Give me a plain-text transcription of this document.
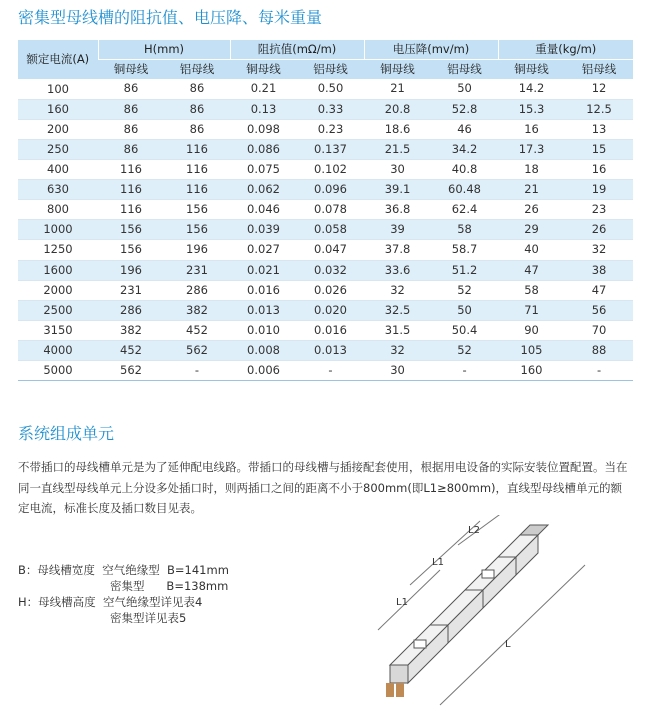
密集型母线槽的阻抗值、电压降、每米重量
额定电流(A)	H(mm)		阻抗值(mΩ/m)		电压降(mv/m)		重量(kg/m)	
	铜母线	铝母线	铜母线	铝母线	铜母线	铝母线	铜母线	铝母线
100	86	86	0.21	0.50	21	50	14.2	12
160	86	86	0.13	0.33	20.8	52.8	15.3	12.5
200	86	86	0.098	0.23	18.6	46	16	13
250	86	116	0.086	0.137	21.5	34.2	17.3	15
400	116	116	0.075	0.102	30	40.8	18	16
630	116	116	0.062	0.096	39.1	60.48	21	19
800	116	156	0.046	0.078	36.8	62.4	26	23
1000	156	156	0.039	0.058	39	58	29	26
1250	156	196	0.027	0.047	37.8	58.7	40	32
1600	196	231	0.021	0.032	33.6	51.2	47	38
2000	231	286	0.016	0.026	32	52	58	47
2500	286	382	0.013	0.020	32.5	50	71	56
3150	382	452	0.010	0.016	31.5	50.4	90	70
4000	452	562	0.008	0.013	32	52	105	88
5000	562	-	0.006	-	30	-	160	-
系统组成单元

不带插口的母线槽单元是为了延伸配电线路。带插口的母线槽与插接配套使用，根据用电设备的实际安装位置配置。当在同一直线型母线单元上分设多处插口时，则两插口之间的距离不小于800mm(即L1≥800mm)，直线型母线槽单元的额定电流，标准长度及插口数目见表。

B：母线槽宽度 空气绝缘型  B=141mm
密集型      B=138mm
H：母线槽高度 空气绝缘型详见表4
密集型详见表5
L2
L1
L1
L
